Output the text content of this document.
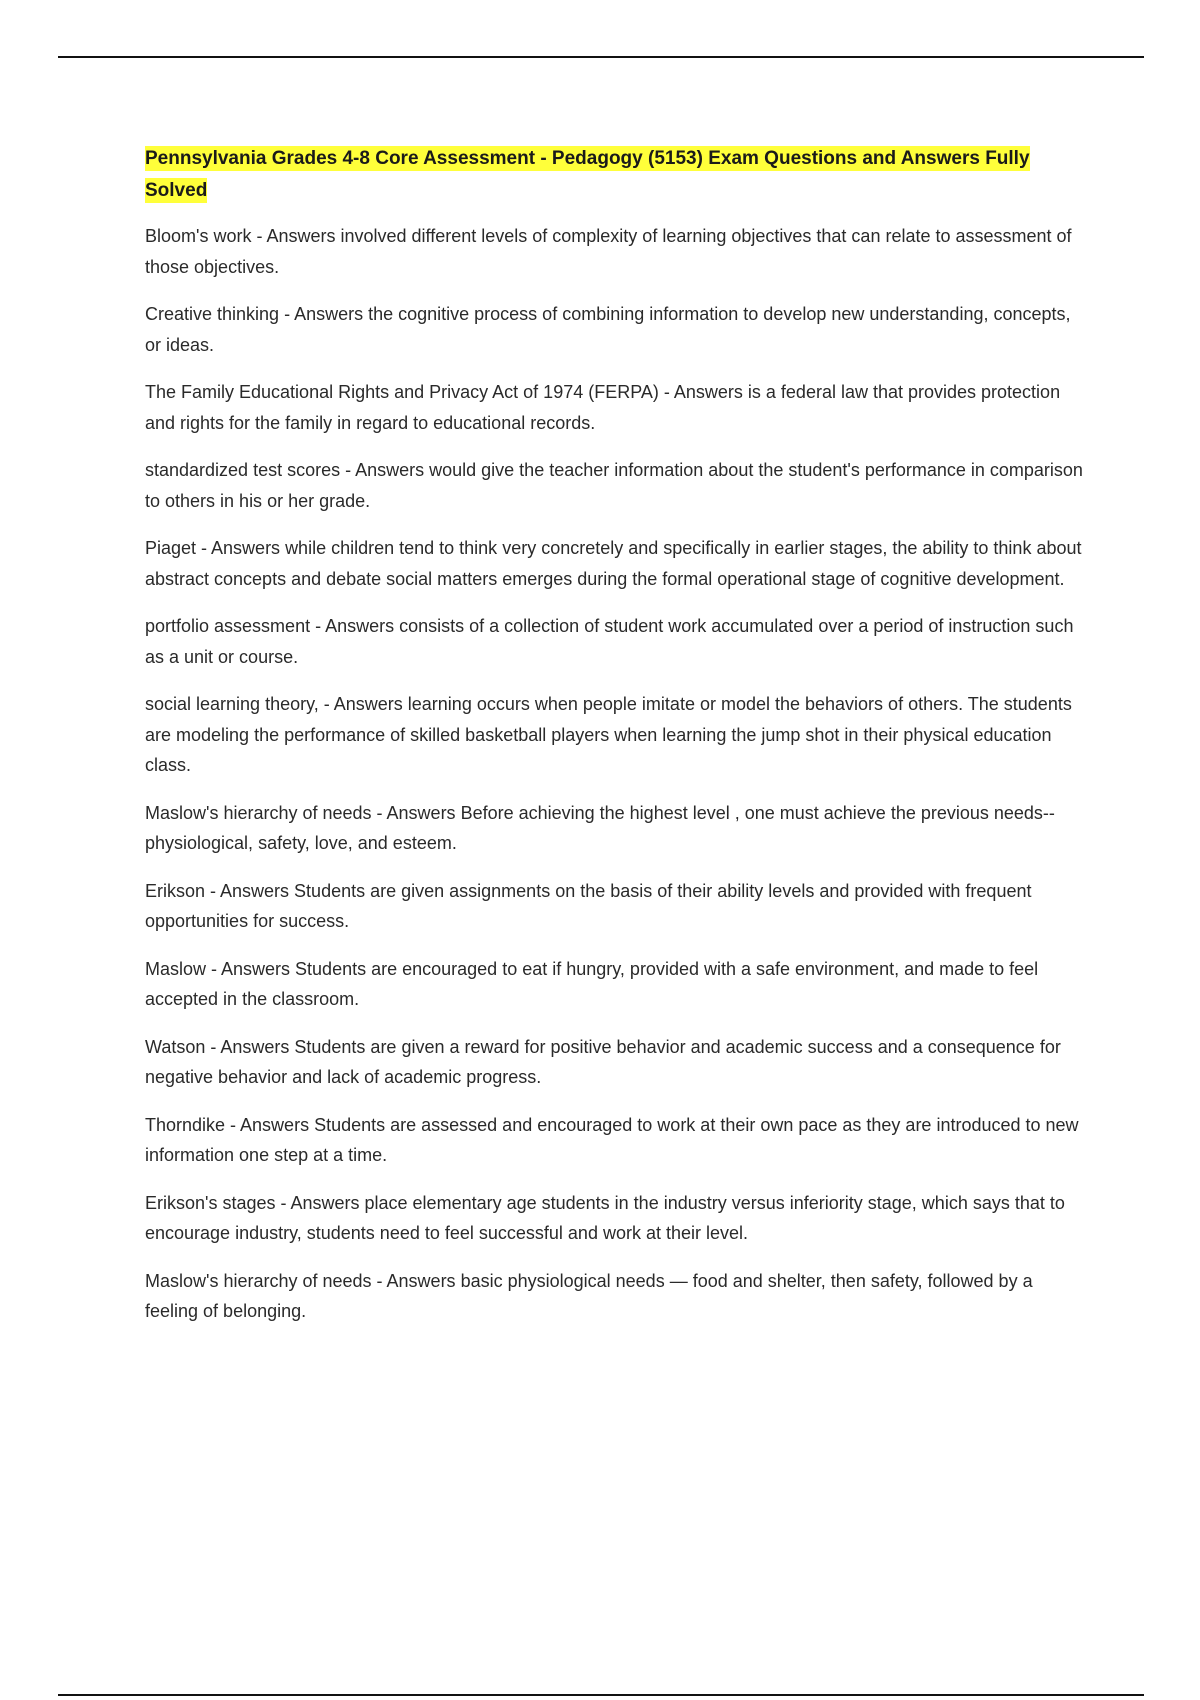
Pennsylvania Grades 4-8 Core Assessment - Pedagogy (5153) Exam Questions and Answers Fully Solved

Bloom's work - Answers involved different levels of complexity of learning objectives that can relate to assessment of those objectives.

Creative thinking - Answers the cognitive process of combining information to develop new understanding, concepts, or ideas.

The Family Educational Rights and Privacy Act of 1974 (FERPA) - Answers is a federal law that provides protection and rights for the family in regard to educational records.

standardized test scores - Answers would give the teacher information about the student's performance in comparison to others in his or her grade.

Piaget - Answers while children tend to think very concretely and specifically in earlier stages, the ability to think about abstract concepts and debate social matters emerges during the formal operational stage of cognitive development.

portfolio assessment - Answers consists of a collection of student work accumulated over a period of instruction such as a unit or course.

social learning theory, - Answers learning occurs when people imitate or model the behaviors of others. The students are modeling the performance of skilled basketball players when learning the jump shot in their physical education class.

Maslow's hierarchy of needs - Answers Before achieving the highest level , one must achieve the previous needs--physiological, safety, love, and esteem.

Erikson - Answers Students are given assignments on the basis of their ability levels and provided with frequent opportunities for success.

Maslow - Answers Students are encouraged to eat if hungry, provided with a safe environment, and made to feel accepted in the classroom.

Watson - Answers Students are given a reward for positive behavior and academic success and a consequence for negative behavior and lack of academic progress.

Thorndike - Answers Students are assessed and encouraged to work at their own pace as they are introduced to new information one step at a time.

Erikson's stages - Answers place elementary age students in the industry versus inferiority stage, which says that to encourage industry, students need to feel successful and work at their level.

Maslow's hierarchy of needs - Answers basic physiological needs — food and shelter, then safety, followed by a feeling of belonging.
